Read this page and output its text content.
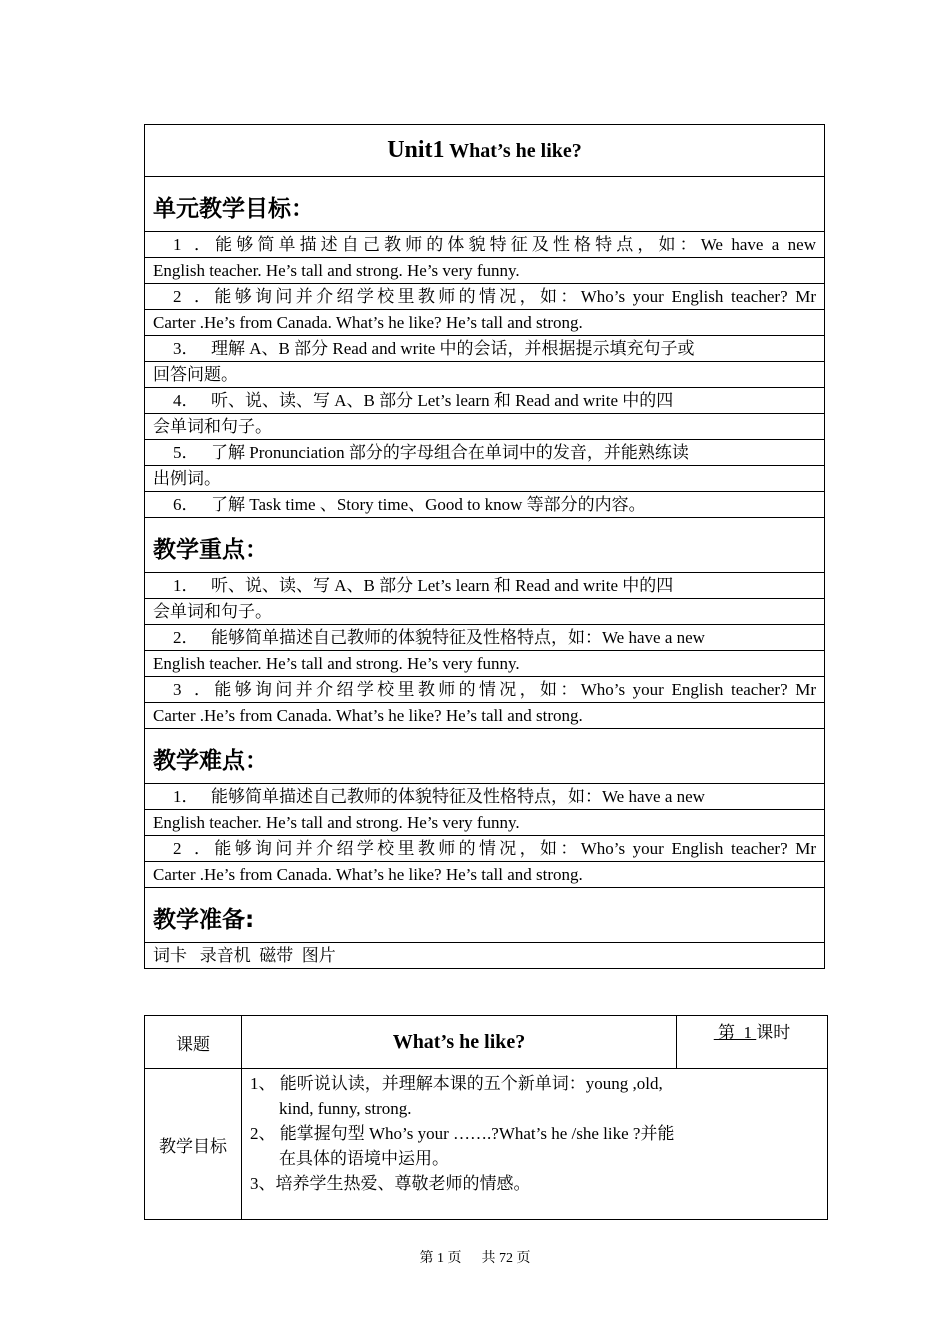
Unit1 What’s he like?
单元教学目标：
1．能够简单描述自己教师的体貌特征及性格特点，如：We have a new
English teacher. He’s tall and strong. He’s very funny.
2．能够询问并介绍学校里教师的情况，如：Who’s your English teacher? Mr
Carter .He’s from Canada. What’s he like? He’s tall and strong.
3． 理解 A、B 部分 Read and write 中的会话，并根据提示填充句子或
回答问题。
4． 听、说、读、写 A、B 部分 Let’s learn 和 Read and write 中的四
会单词和句子。
5． 了解 Pronunciation 部分的字母组合在单词中的发音，并能熟练读
出例词。
6． 了解 Task time 、Story time、Good to know 等部分的内容。
教学重点：
1． 听、说、读、写 A、B 部分 Let’s learn 和 Read and write 中的四
会单词和句子。
2． 能够简单描述自己教师的体貌特征及性格特点，如：We have a new
English teacher. He’s tall and strong. He’s very funny.
3．能够询问并介绍学校里教师的情况，如：Who’s your English teacher? Mr
Carter .He’s from Canada. What’s he like? He’s tall and strong.
教学难点：
1． 能够简单描述自己教师的体貌特征及性格特点，如：We have a new
English teacher. He’s tall and strong. He’s very funny.
2．能够询问并介绍学校里教师的情况，如：Who’s your English teacher? Mr
Carter .He’s from Canada. What’s he like? He’s tall and strong.
教学准备:
词卡   录音机  磁带  图片
课题	What’s he like?	第 1 课时
教学目标	1、 能听说认读，并理解本课的五个新单词：young ,old,
kind, funny, strong.
2、 能掌握句型 Who’s your …….?What’s he /she like ?并能
在具体的语境中运用。
3、培养学生热爱、尊敬老师的情感。	
第 1 页 共 72 页
